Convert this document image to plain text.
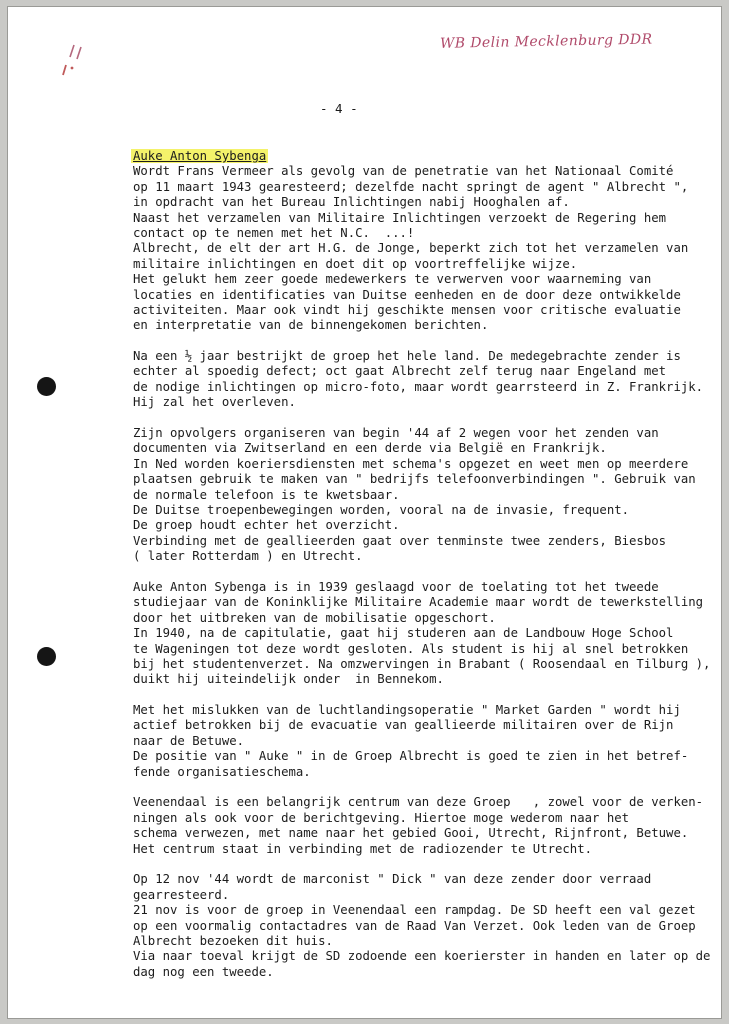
WB Delin Mecklenburg DDR
- 4 -
Auke Anton Sybenga
Wordt Frans Vermeer als gevolg van de penetratie van het Nationaal Comité
op 11 maart 1943 gearesteerd; dezelfde nacht springt de agent " Albrecht ",
in opdracht van het Bureau Inlichtingen nabij Hooghalen af.
Naast het verzamelen van Militaire Inlichtingen verzoekt de Regering hem
contact op te nemen met het N.C.  ...!
Albrecht, de elt der art H.G. de Jonge, beperkt zich tot het verzamelen van
militaire inlichtingen en doet dit op voortreffelijke wijze.
Het gelukt hem zeer goede medewerkers te verwerven voor waarneming van
locaties en identificaties van Duitse eenheden en de door deze ontwikkelde
activiteiten. Maar ook vindt hij geschikte mensen voor critische evaluatie
en interpretatie van de binnengekomen berichten.
Na een ½ jaar bestrijkt de groep het hele land. De medegebrachte zender is
echter al spoedig defect; oct gaat Albrecht zelf terug naar Engeland met
de nodige inlichtingen op micro-foto, maar wordt gearrsteerd in Z. Frankrijk.
Hij zal het overleven.
Zijn opvolgers organiseren van begin '44 af 2 wegen voor het zenden van
documenten via Zwitserland en een derde via België en Frankrijk.
In Ned worden koeriersdiensten met schema's opgezet en weet men op meerdere
plaatsen gebruik te maken van " bedrijfs telefoonverbindingen ". Gebruik van
de normale telefoon is te kwetsbaar.
De Duitse troepenbewegingen worden, vooral na de invasie, frequent.
De groep houdt echter het overzicht.
Verbinding met de geallieerden gaat over tenminste twee zenders, Biesbos
( later Rotterdam ) en Utrecht.
Auke Anton Sybenga is in 1939 geslaagd voor de toelating tot het tweede
studiejaar van de Koninklijke Militaire Academie maar wordt de tewerkstelling
door het uitbreken van de mobilisatie opgeschort.
In 1940, na de capitulatie, gaat hij studeren aan de Landbouw Hoge School
te Wageningen tot deze wordt gesloten. Als student is hij al snel betrokken
bij het studentenverzet. Na omzwervingen in Brabant ( Roosendaal en Tilburg ),
duikt hij uiteindelijk onder  in Bennekom.
Met het mislukken van de luchtlandingsoperatie " Market Garden " wordt hij
actief betrokken bij de evacuatie van geallieerde militairen over de Rijn
naar de Betuwe.
De positie van " Auke " in de Groep Albrecht is goed te zien in het betref-
fende organisatieschema.
Veenendaal is een belangrijk centrum van deze Groep   , zowel voor de verken-
ningen als ook voor de berichtgeving. Hiertoe moge wederom naar het
schema verwezen, met name naar het gebied Gooi, Utrecht, Rijnfront, Betuwe.
Het centrum staat in verbinding met de radiozender te Utrecht.
Op 12 nov '44 wordt de marconist " Dick " van deze zender door verraad
gearresteerd.
21 nov is voor de groep in Veenendaal een rampdag. De SD heeft een val gezet
op een voormalig contactadres van de Raad Van Verzet. Ook leden van de Groep
Albrecht bezoeken dit huis.
Via naar toeval krijgt de SD zodoende een koerierster in handen en later op de
dag nog een tweede.
